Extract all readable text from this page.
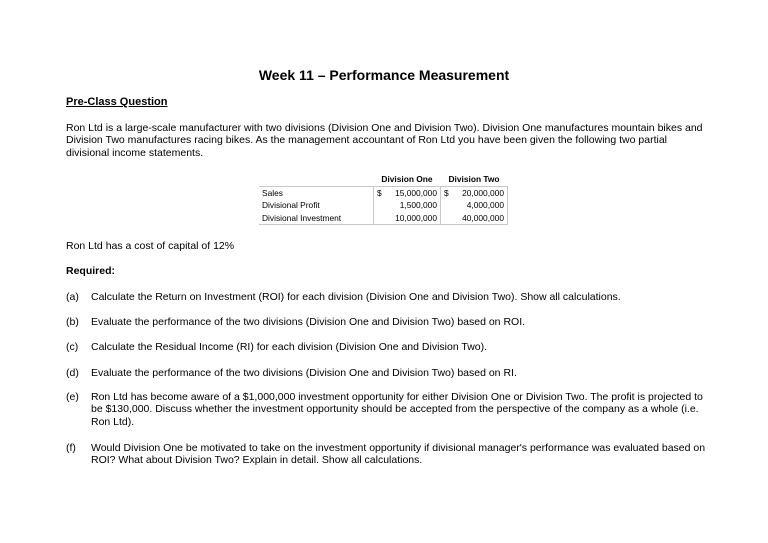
Week 11 – Performance Measurement
Pre-Class Question
Ron Ltd is a large-scale manufacturer with two divisions (Division One and Division Two). Division One manufactures mountain bikes and Division Two manufactures racing bikes. As the management accountant of Ron Ltd you have been given the following two partial divisional income statements.
	Division One	Division Two
Sales	$ 15,000,000	$ 20,000,000
Divisional Profit	1,500,000	4,000,000
Divisional Investment	10,000,000	40,000,000
Ron Ltd has a cost of capital of 12%
Required:
(a)	Calculate the Return on Investment (ROI) for each division (Division One and Division Two). Show all calculations.
(b)	Evaluate the performance of the two divisions (Division One and Division Two) based on ROI.
(c)	Calculate the Residual Income (RI) for each division (Division One and Division Two).
(d)	Evaluate the performance of the two divisions (Division One and Division Two) based on RI.
(e)	Ron Ltd has become aware of a $1,000,000 investment opportunity for either Division One or Division Two. The profit is projected to be $130,000. Discuss whether the investment opportunity should be accepted from the perspective of the company as a whole (i.e. Ron Ltd).
(f)	Would Division One be motivated to take on the investment opportunity if divisional manager's performance was evaluated based on ROI? What about Division Two? Explain in detail. Show all calculations.
